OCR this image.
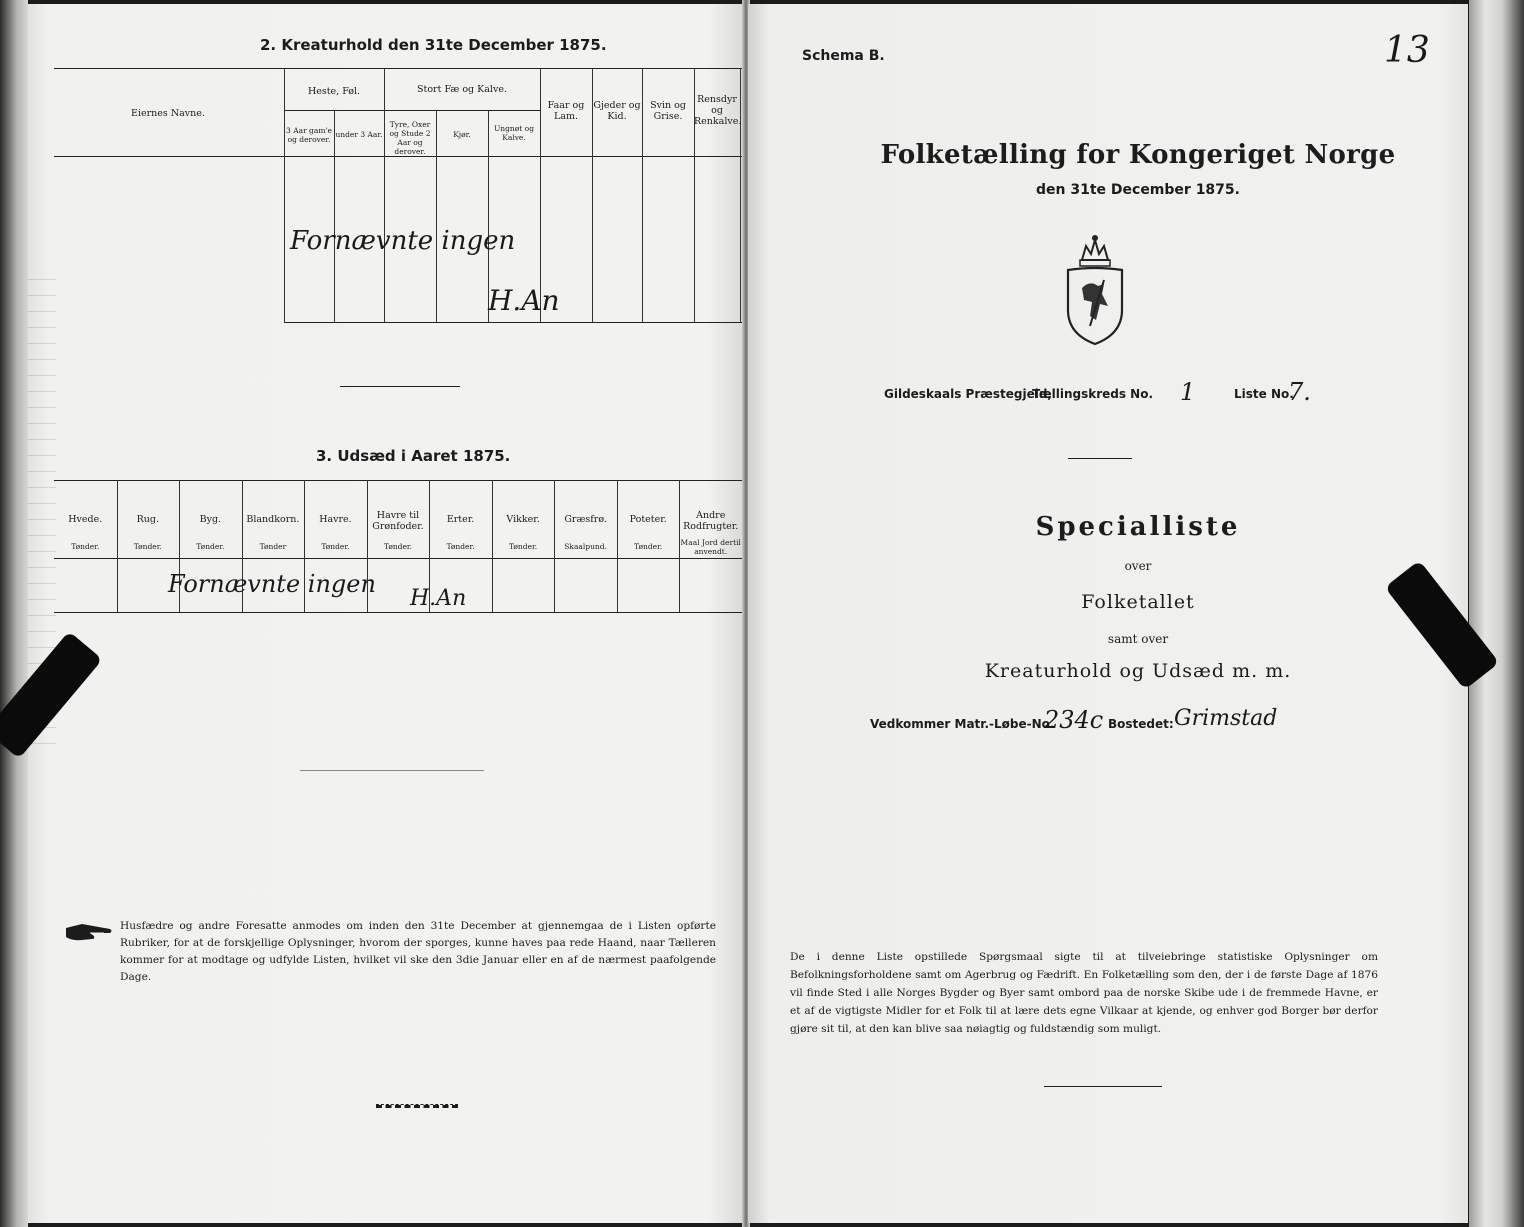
2. Kreaturhold den 31te December 1875.
Eiernes Navne.
Heste, Føl.
3 Aar gam'e og derover.
under 3 Aar.
Stort Fæ og Kalve.
Tyre, Oxer og Stude 2 Aar og derover.
Kjør.
Ungnøt og Kalve.
Faar og Lam.
Gjeder og Kid.
Svin og Grise.
Rensdyr og Renkalve.
Fornævnte ingen
H.An
3. Udsæd i Aaret 1875.
Hvede.
Tønder.
Rug.
Tønder.
Byg.
Tønder.
Blandkorn.
Tønder
Havre.
Tønder.
Havre til Grønfoder.
Tønder.
Erter.
Tønder.
Vikker.
Tønder.
Græsfrø.
Skaalpund.
Poteter.
Tønder.
Andre Rodfrugter.
Maal Jord dertil anvendt.
Fornævnte ingen
H.An
Husfædre og andre Foresatte anmodes om inden den 31te December at gjennemgaa de i Listen opførte Rubriker, for at de forskjellige Oplysninger, hvorom der sporges, kunne haves paa rede Haand, naar Tælleren kommer for at modtage og udfylde Listen, hvilket vil ske den 3die Januar eller en af de nærmest paafolgende Dage.
Schema B.	13
Folketælling for Kongeriget Norge
den 31te December 1875.
Gildeskaals Præstegjeld,
Tællingskreds No. 1	Liste No.
7.
Specialliste
over
Folketallet
samt over
Kreaturhold og Udsæd m. m.
Vedkommer Matr.-Løbe-No.
234c Bostedet: Grimstad
De i denne Liste opstillede Spørgsmaal sigte til at tilveiebringe statistiske Oplysninger om Befolkningsforholdene samt om Agerbrug og Fædrift. En Folketælling som den, der i de første Dage af 1876 vil finde Sted i alle Norges Bygder og Byer samt ombord paa de norske Skibe ude i de fremmede Havne, er et af de vigtigste Midler for et Folk til at lære dets egne Vilkaar at kjende, og enhver god Borger bør derfor gjøre sit til, at den kan blive saa nøiagtig og fuldstændig som muligt.
